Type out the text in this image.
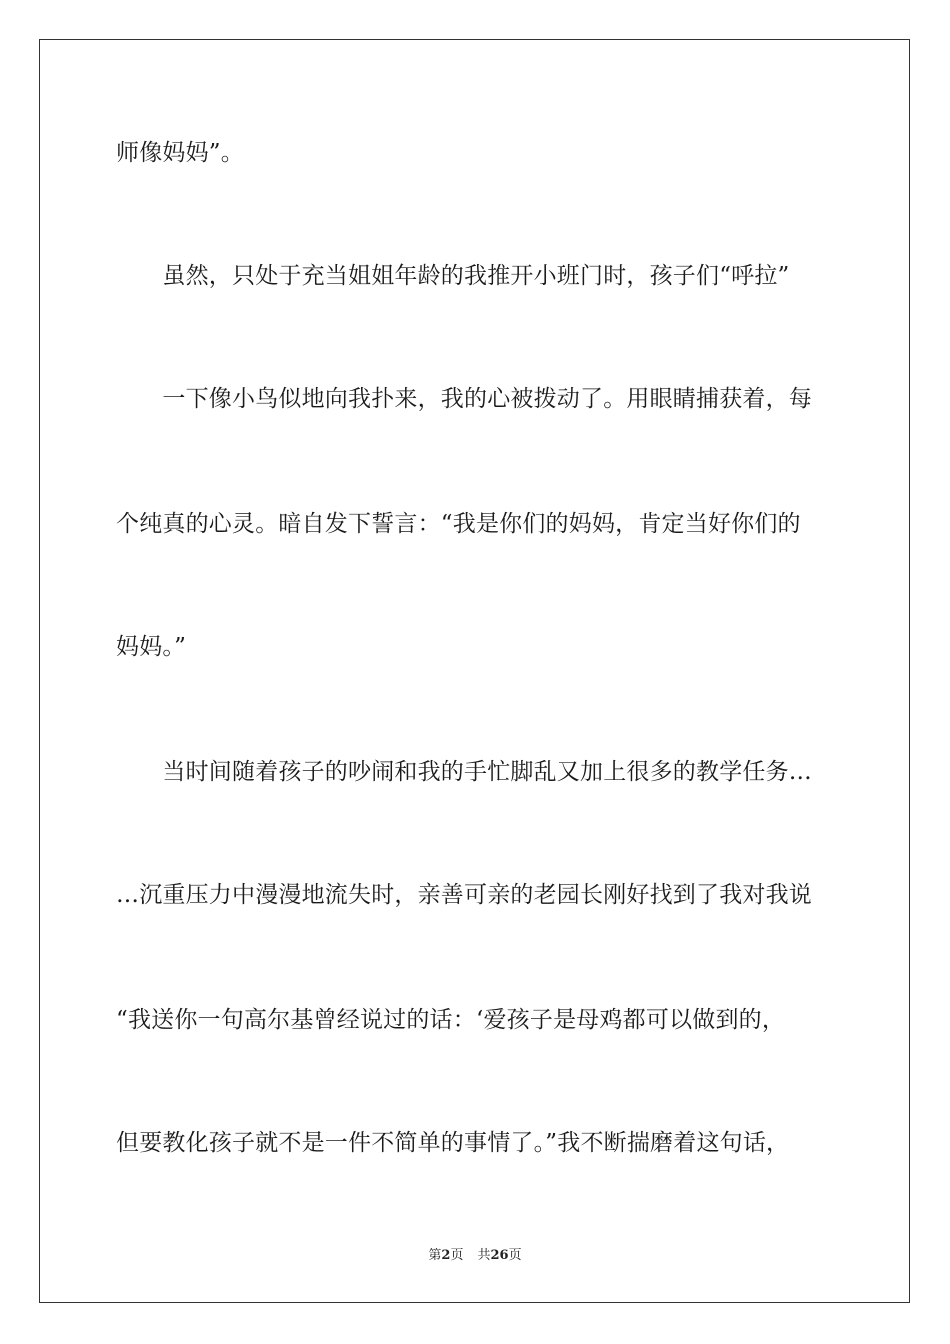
师像妈妈”。
　　虽然，只处于充当姐姐年龄的我推开小班门时，孩子们“呼拉”
　　一下像小鸟似地向我扑来，我的心被拨动了。用眼睛捕获着，每
个纯真的心灵。暗自发下誓言：“我是你们的妈妈，肯定当好你们的
妈妈。”
　　当时间随着孩子的吵闹和我的手忙脚乱又加上很多的教学任务…
…沉重压力中漫漫地流失时，亲善可亲的老园长刚好找到了我对我说
“我送你一句高尔基曾经说过的话：‘爱孩子是母鸡都可以做到的，
但要教化孩子就不是一件不简单的事情了。”我不断揣磨着这句话，
第2页 共26页
